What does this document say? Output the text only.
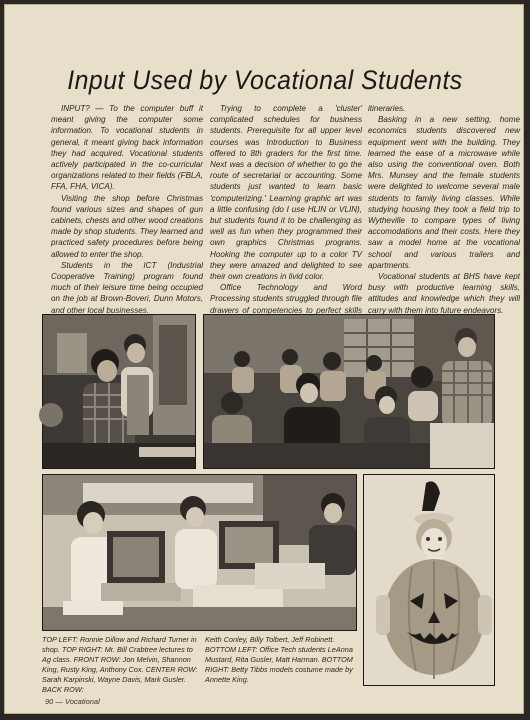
Input Used by Vocational Students

INPUT? — To the computer buff it meant giving the computer some information. To vocational students in general, it meant giving back information they had acquired. Vocational students actively participated in the co-curricular organizations related to their fields (FBLA, FFA, FHA, VICA).

Visiting the shop before Christmas found various sizes and shapes of gun cabinets, chests and other wood creations made by shop students. They learned and practiced safety procedures before being allowed to enter the shop.

Students in the ICT (Industrial Cooperative Training) program found much of their leisure time being occupied on the job at Brown-Boveri, Dunn Motors, and other local businesses.

Trying to complete a 'cluster' complicated schedules for business students. Prerequisite for all upper level courses was Introduction to Business offered to 8th graders for the first time. Next was a decision of whether to go the route of secretarial or accounting. Some students just wanted to learn basic 'computerizing.' Learning graphic art was a little confusing (do I use HLIN or VLIN), but students found it to be challenging as well as fun when they programmed their own graphics Christmas programs. Hooking the computer up to a color TV they were amazed and delighted to see their own creations in livid color.

Office Technology and Word Processing students struggled through file drawers of competencies to perfect skills

itineraries.

Basking in a new setting, home economics students discovered new equipment went with the building. They learned the ease of a microwave while also using the conventional oven. Both Mrs. Munsey and the female students were delighted to welcome several male students to family living classes. While studying housing they took a field trip to Wytheville to compare types of living accomodations and their costs. Here they saw a model home at the vocational school and various trailers and apartments.

Vocational students at BHS have kept busy with productive learning skills, attitudes and knowledge which they will carry with them into future endeavors.

TOP LEFT: Ronnie Dillow and Richard Turner in shop. TOP RIGHT: Mr. Bill Crabtree lectures to Ag class. FRONT ROW: Jon Melvin, Shannon King, Rusty King, Anthony Cox. CENTER ROW: Sarah Karpinski, Wayne Davis, Mark Gusler. BACK ROW:
Keith Conley, Billy Tolbert, Jeff Robinett. BOTTOM LEFT: Office Tech students LeAnna Mustard, Rita Gusler, Matt Harman. BOTTOM RIGHT: Betty Tibbs models costume made by Annette King.
90 — Vocational
